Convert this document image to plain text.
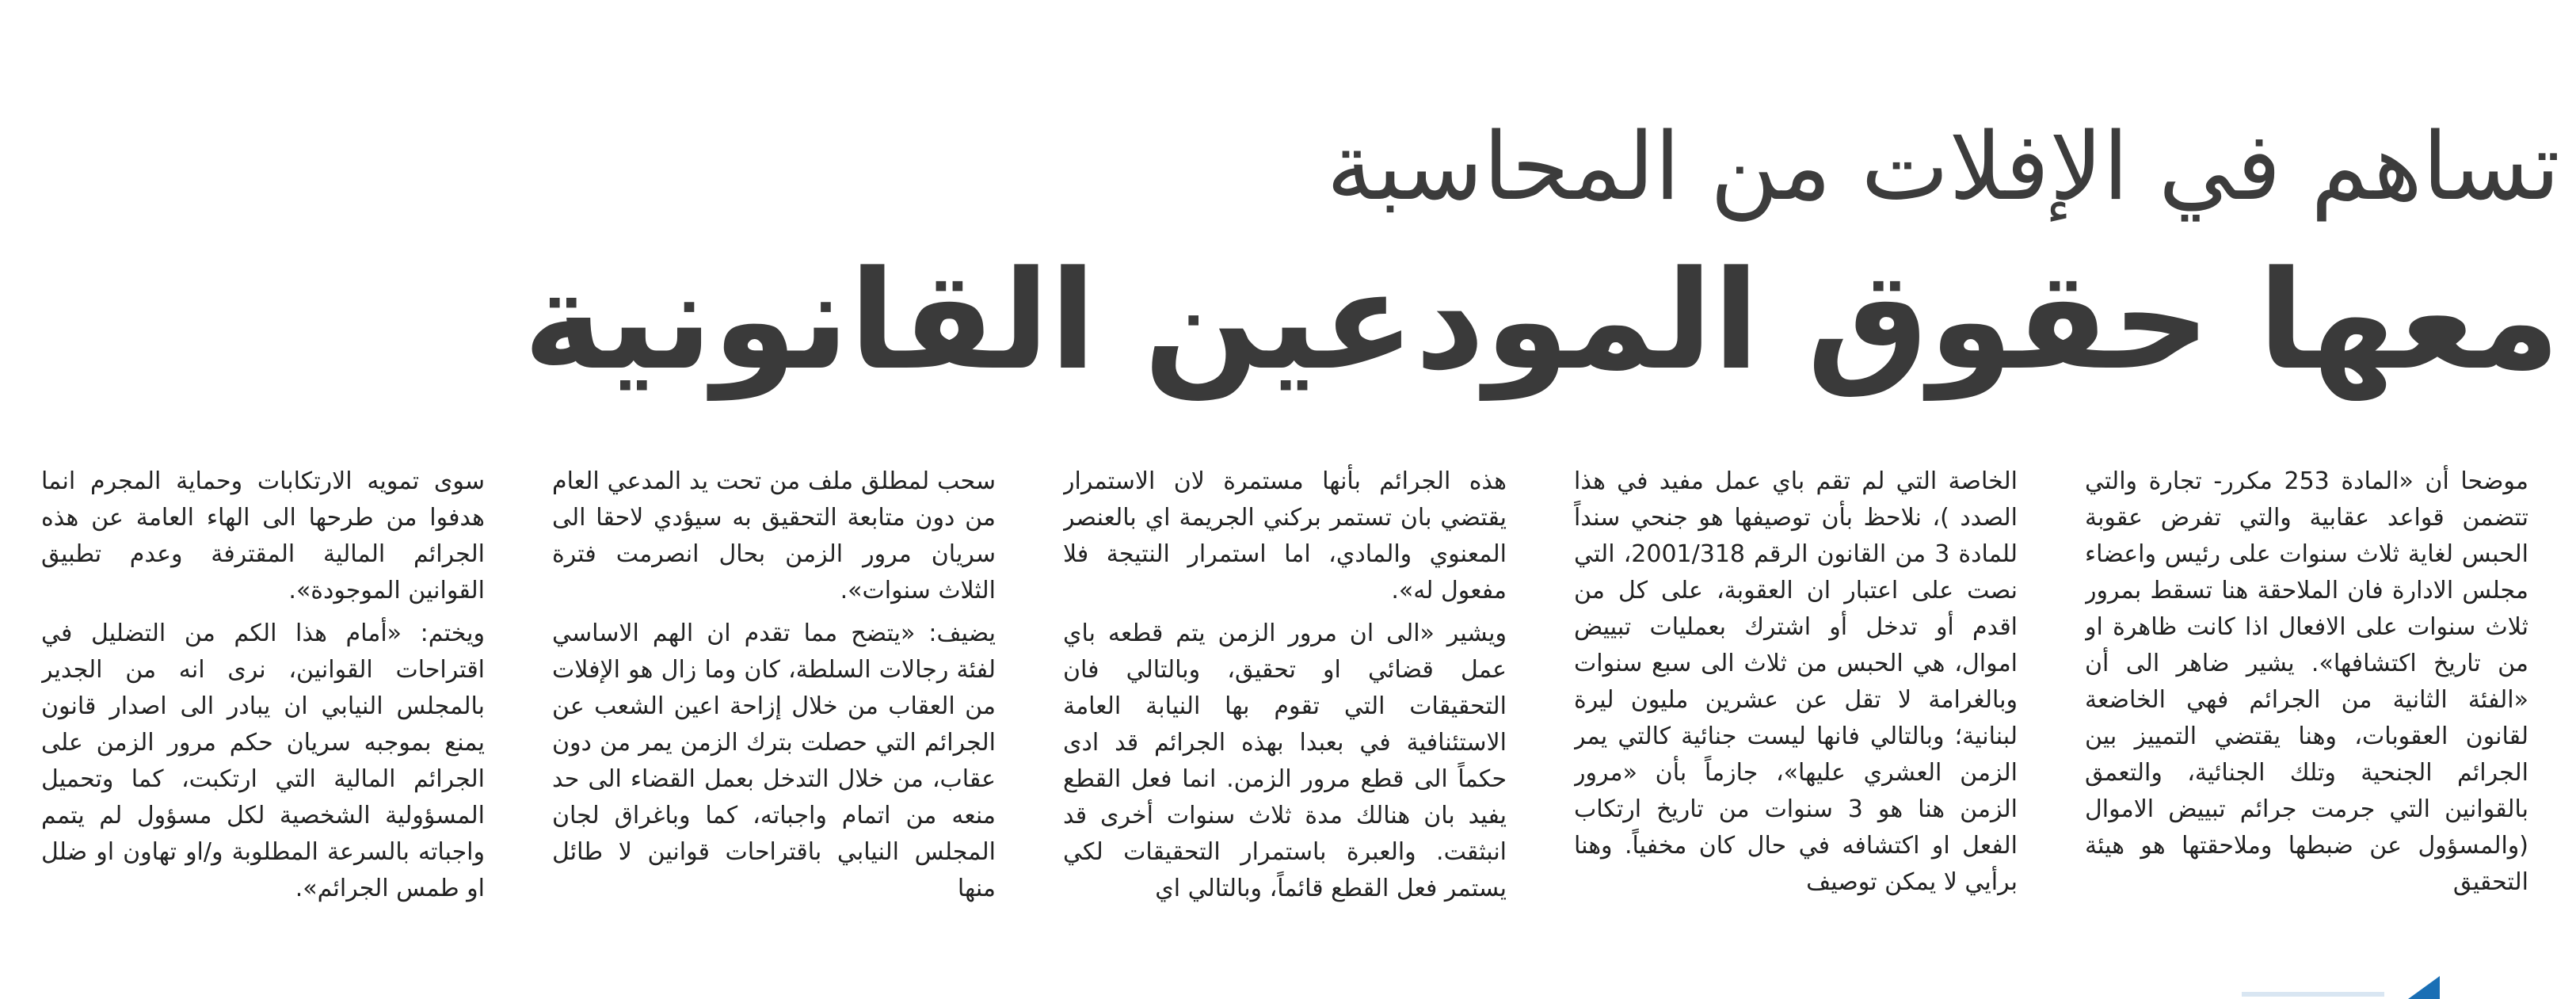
تساهم في الإفلات من المحاسبة
معها حقوق المودعين القانونية

موضحا أن «المادة 253 مكرر- تجارة والتي تتضمن قواعد عقابية والتي تفرض عقوبة الحبس لغاية ثلاث سنوات على رئيس واعضاء مجلس الادارة فان الملاحقة هنا تسقط بمرور ثلاث سنوات على الافعال اذا كانت ظاهرة او من تاريخ اكتشافها». يشير ضاهر الى أن «الفئة الثانية من الجرائم فهي الخاضعة لقانون العقوبات، وهنا يقتضي التمييز بين الجرائم الجنحية وتلك الجنائية، والتعمق بالقوانين التي جرمت جرائم تبييض الاموال (والمسؤول عن ضبطها وملاحقتها هو هيئة التحقيق

الخاصة التي لم تقم باي عمل مفيد في هذا الصدد )، نلاحظ بأن توصيفها هو جنحي سنداً للمادة 3 من القانون الرقم 2001/318، التي نصت على اعتبار ان العقوبة، على كل من اقدم أو تدخل أو اشترك بعمليات تبييض اموال، هي الحبس من ثلاث الى سبع سنوات وبالغرامة لا تقل عن عشرين مليون ليرة لبنانية؛ وبالتالي فانها ليست جنائية كالتي يمر الزمن العشري عليها»، جازماً بأن «مرور الزمن هنا هو 3 سنوات من تاريخ ارتكاب الفعل او اكتشافه في حال كان مخفياً. وهنا برأيي لا يمكن توصيف

هذه الجرائم بأنها مستمرة لان الاستمرار يقتضي بان تستمر بركني الجريمة اي بالعنصر المعنوي والمادي، اما استمرار النتيجة فلا مفعول له».

ويشير «الى ان مرور الزمن يتم قطعه باي عمل قضائي او تحقيق، وبالتالي فان التحقيقات التي تقوم بها النيابة العامة الاستئنافية في بعبدا بهذه الجرائم قد ادى حكماً الى قطع مرور الزمن. انما فعل القطع يفيد بان هنالك مدة ثلاث سنوات أخرى قد انبثقت. والعبرة باستمرار التحقيقات لكي يستمر فعل القطع قائماً، وبالتالي اي

سحب لمطلق ملف من تحت يد المدعي العام من دون متابعة التحقيق به سيؤدي لاحقا الى سريان مرور الزمن بحال انصرمت فترة الثلاث سنوات».

يضيف: «يتضح مما تقدم ان الهم الاساسي لفئة رجالات السلطة، كان وما زال هو الإفلات من العقاب من خلال إزاحة اعين الشعب عن الجرائم التي حصلت بترك الزمن يمر من دون عقاب، من خلال التدخل بعمل القضاء الى حد منعه من اتمام واجباته، كما وباغراق لجان المجلس النيابي باقتراحات قوانين لا طائل منها

سوى تمويه الارتكابات وحماية المجرم انما هدفوا من طرحها الى الهاء العامة عن هذه الجرائم المالية المقترفة وعدم تطبيق القوانين الموجودة».

ويختم: «أمام هذا الكم من التضليل في اقتراحات القوانين، نرى انه من الجدير بالمجلس النيابي ان يبادر الى اصدار قانون يمنع بموجبه سريان حكم مرور الزمن على الجرائم المالية التي ارتكبت، كما وتحميل المسؤولية الشخصية لكل مسؤول لم يتمم واجباته بالسرعة المطلوبة و/او تهاون او ضلل او طمس الجرائم».
